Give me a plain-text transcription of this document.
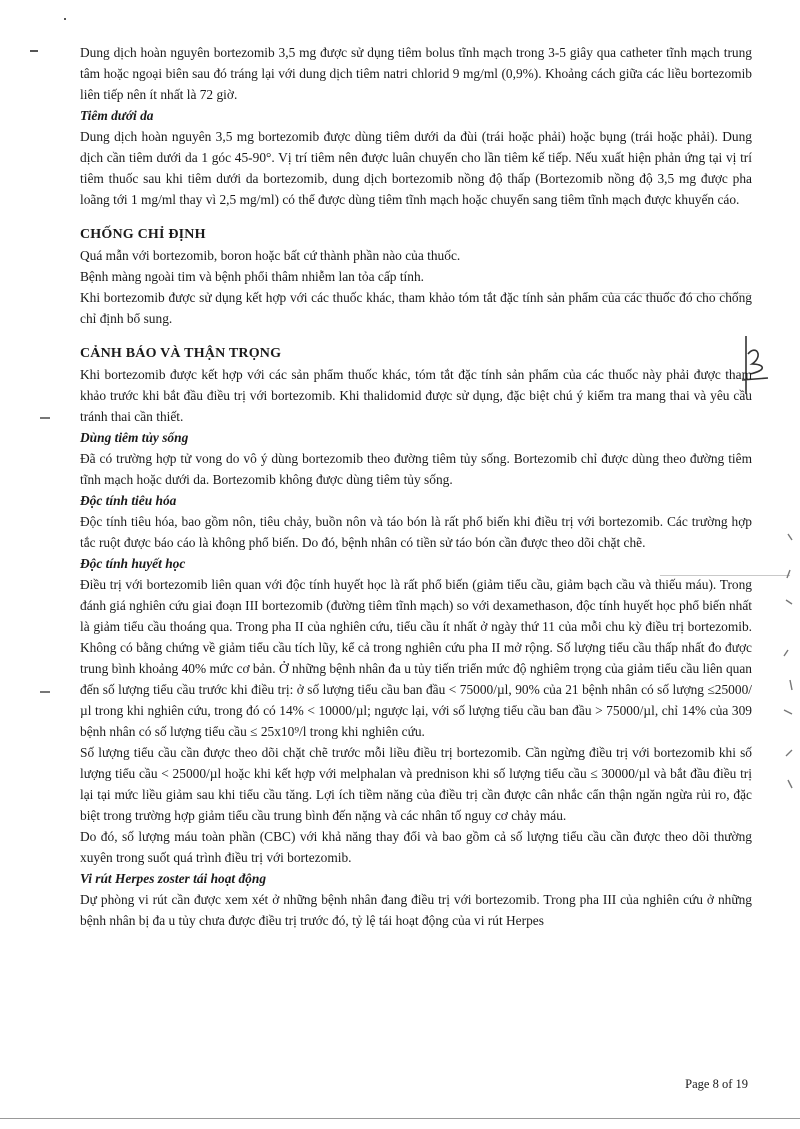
Dung dịch hoàn nguyên bortezomib 3,5 mg được sử dụng tiêm bolus tĩnh mạch trong 3-5 giây qua catheter tĩnh mạch trung tâm hoặc ngoại biên sau đó tráng lại với dung dịch tiêm natri chlorid 9 mg/ml (0,9%). Khoảng cách giữa các liều bortezomib liên tiếp nên ít nhất là 72 giờ.

Tiêm dưới da

Dung dịch hoàn nguyên 3,5 mg bortezomib được dùng tiêm dưới da đùi (trái hoặc phải) hoặc bụng (trái hoặc phải). Dung dịch cần tiêm dưới da 1 góc 45-90°. Vị trí tiêm nên được luân chuyển cho lần tiêm kế tiếp. Nếu xuất hiện phản ứng tại vị trí tiêm thuốc sau khi tiêm dưới da bortezomib, dung dịch bortezomib nồng độ thấp (Bortezomib nồng độ 3,5 mg được pha loãng tới 1 mg/ml thay vì 2,5 mg/ml) có thể được dùng tiêm tĩnh mạch hoặc chuyển sang tiêm tĩnh mạch được khuyến cáo.

CHỐNG CHỈ ĐỊNH

Quá mẫn với bortezomib, boron hoặc bất cứ thành phần nào của thuốc.

Bệnh màng ngoài tim và bệnh phổi thâm nhiễm lan tỏa cấp tính.

Khi bortezomib được sử dụng kết hợp với các thuốc khác, tham khảo tóm tắt đặc tính sản phẩm của các thuốc đó cho chống chỉ định bổ sung.

CẢNH BÁO VÀ THẬN TRỌNG

Khi bortezomib được kết hợp với các sản phẩm thuốc khác, tóm tắt đặc tính sản phẩm của các thuốc này phải được tham khảo trước khi bắt đầu điều trị với bortezomib. Khi thalidomid được sử dụng, đặc biệt chú ý kiểm tra mang thai và yêu cầu tránh thai cần thiết.

Dùng tiêm tủy sống

Đã có trường hợp tử vong do vô ý dùng bortezomib theo đường tiêm tủy sống. Bortezomib chỉ được dùng theo đường tiêm tĩnh mạch hoặc dưới da. Bortezomib không được dùng tiêm tủy sống.

Độc tính tiêu hóa

Độc tính tiêu hóa, bao gồm nôn, tiêu chảy, buồn nôn và táo bón là rất phổ biến khi điều trị với bortezomib. Các trường hợp tắc ruột được báo cáo là không phổ biến. Do đó, bệnh nhân có tiền sử táo bón cần được theo dõi chặt chẽ.

Độc tính huyết học

Điều trị với bortezomib liên quan với độc tính huyết học là rất phổ biến (giảm tiểu cầu, giảm bạch cầu và thiếu máu). Trong đánh giá nghiên cứu giai đoạn III bortezomib (đường tiêm tĩnh mạch) so với dexamethason, độc tính huyết học phổ biến nhất là giảm tiểu cầu thoáng qua. Trong pha II của nghiên cứu, tiểu cầu ít nhất ở ngày thứ 11 của mỗi chu kỳ điều trị bortezomib. Không có bằng chứng về giảm tiểu cầu tích lũy, kể cả trong nghiên cứu pha II mở rộng. Số lượng tiểu cầu thấp nhất đo được trung bình khoảng 40% mức cơ bản. Ở những bệnh nhân đa u tủy tiến triển mức độ nghiêm trọng của giảm tiểu cầu liên quan đến số lượng tiểu cầu trước khi điều trị: ở số lượng tiểu cầu ban đầu < 75000/µl, 90% của 21 bệnh nhân có số lượng ≤25000/µl trong khi nghiên cứu, trong đó có 14% < 10000/µl; ngược lại, với số lượng tiểu cầu ban đầu > 75000/µl, chỉ 14% của 309 bệnh nhân có số lượng tiểu cầu ≤ 25x10⁹/l trong khi nghiên cứu.

Số lượng tiểu cầu cần được theo dõi chặt chẽ trước mỗi liều điều trị bortezomib. Cần ngừng điều trị với bortezomib khi số lượng tiểu cầu < 25000/µl hoặc khi kết hợp với melphalan và prednison khi số lượng tiểu cầu ≤ 30000/µl và bắt đầu điều trị lại tại mức liều giảm sau khi tiểu cầu tăng. Lợi ích tiềm năng của điều trị cần được cân nhắc cẩn thận ngăn ngừa rủi ro, đặc biệt trong trường hợp giảm tiểu cầu trung bình đến nặng và các nhân tố nguy cơ chảy máu.

Do đó, số lượng máu toàn phần (CBC) với khả năng thay đổi và bao gồm cả số lượng tiểu cầu cần được theo dõi thường xuyên trong suốt quá trình điều trị với bortezomib.

Vi rút Herpes zoster tái hoạt động

Dự phòng vi rút cần được xem xét ở những bệnh nhân đang điều trị với bortezomib. Trong pha III của nghiên cứu ở những bệnh nhân bị đa u tủy chưa được điều trị trước đó, tỷ lệ tái hoạt động của vi rút Herpes

Page 8 of 19
